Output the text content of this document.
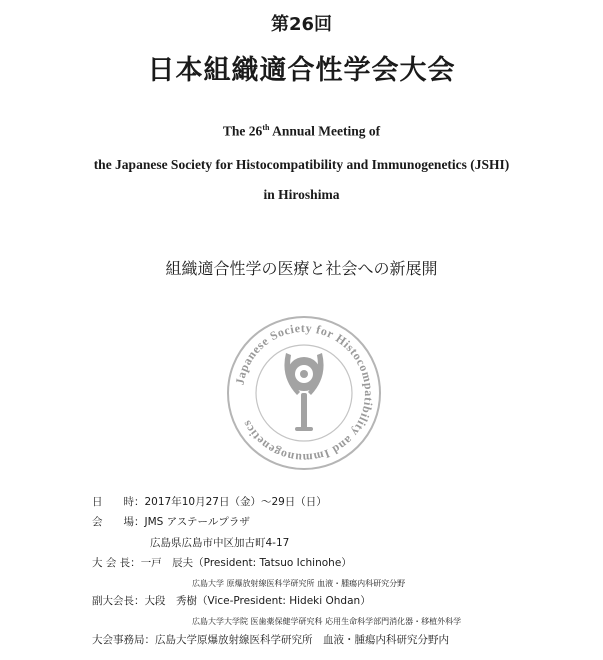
第26回
日本組織適合性学会大会
The 26th Annual Meeting of
the Japanese Society for Histocompatibility and Immunogenetics (JSHI)
in Hiroshima
組織適合性学の医療と社会への新展開
Japanese Society for Histocompatibility and Immunogenetics
日　　時：2017年10月27日（金）〜29日（日）
会　　場：JMS アステールプラザ
広島県広島市中区加古町4-17
大 会 長：一戸　辰夫（President: Tatsuo Ichinohe）
広島大学 原爆放射線医科学研究所 血液・腫瘍内科研究分野
副大会長：大段　秀樹（Vice-President: Hideki Ohdan）
広島大学大学院 医歯薬保健学研究科 応用生命科学部門消化器・移植外科学
大会事務局：広島大学原爆放射線医科学研究所　血液・腫瘍内科研究分野内
